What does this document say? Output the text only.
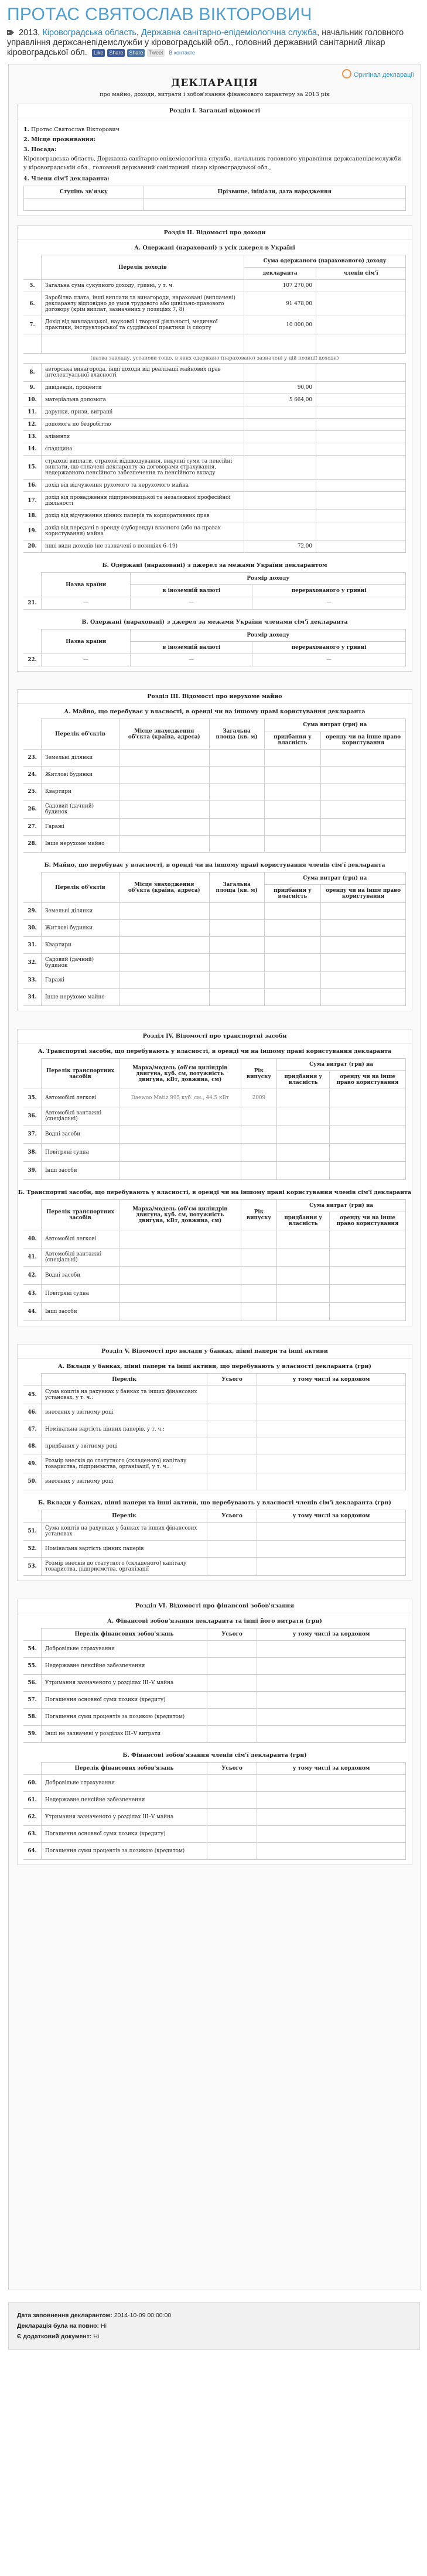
ПРОТАС СВЯТОСЛАВ ВІКТОРОВИЧ
2013, Кіровоградська область, Державна санітарно-епідеміологічна служба, начальник головного управління держсанепідемслужби у кіровоградській обл., головний державний санітарний лікар кіровоградської обл. Like Share Share Tweet В контакте
ДЕКЛАРАЦІЯ
про майно, доходи, витрати і зобов'язання фінансового характеру за 2013 рік
Оригінал декларації
Розділ І. Загальні відомості
1. Протас Святослав Вікторович
2. Місце проживання:
3. Посада:

Кіровоградська область, Державна санітарно-епідеміологічна служба, начальник головного управління держсанепідемслужби у кіровоградській обл., головний державний санітарний лікар кіровоградської обл.,

4. Члени сім'ї декларанта:
Ступінь зв'язку	Прізвище, ініціали, дата народження

Розділ ІІ. Відомості про доходи
А. Одержані (нараховані) з усіх джерел в Україні
	Перелік доходів	Сума одержаного (нарахованого) доходу	
		декларанта	членів сім'ї
5.	Загальна сума сукупного доходу, гривні, у т. ч.	107 270,00	
6.	Заробітна плата, інші виплати та винагороди, нараховані (виплачені) декларанту відповідно до умов трудового або цивільно-правового договору (крім виплат, зазначених у позиціях 7, 8)	91 478,00	
7.	Дохід від викладацької, наукової і творчої діяльності, медичної практики, інструкторської та суддівської практики із спорту	10 000,00	

(назва закладу, установи тощо, в яких одержано (нараховано) зазначені у цій позиції доходи)
8.	авторська винагорода, інші доходи від реалізації майнових прав інтелектуальної власності		
9.	дивіденди, проценти	90,00	
10.	матеріальна допомога	5 664,00	
11.	дарунки, призи, виграші		
12.	допомога по безробіттю		
13.	аліменти		
14.	спадщина		
15.	страхові виплати, страхові відшкодування, викупні суми та пенсійні виплати, що сплачені декларанту за договорами страхування, недержавного пенсійного забезпечення та пенсійного вкладу		
16.	дохід від відчуження рухомого та нерухомого майна		
17.	дохід від провадження підприємницької та незалежної професійної діяльності		
18.	дохід від відчуження цінних паперів та корпоративних прав		
19.	дохід від передачі в оренду (суборенду) власного (або на правах користування) майна		
20.	інші види доходів (не зазначені в позиціях 6–19)	72,00	
Б. Одержані (нараховані) з джерел за межами України декларантом
	Назва країни	Розмір доходу	
		в іноземній валюті	перерахованого у гривні
21.	—	—	—
В. Одержані (нараховані) з джерел за межами України членами сім'ї декларанта
	Назва країни	Розмір доходу	
		в іноземній валюті	перерахованого у гривні
22.	—	—	—
Розділ ІІІ. Відомості про нерухоме майно
А. Майно, що перебуває у власності, в оренді чи на іншому праві користування декларанта
	Перелік об'єктів	Місце знаходження об'єкта (країна, адреса)	Загальна площа (кв. м)	Сума витрат (грн) на	
				придбання у власність	оренду чи на інше право користування
23.	Земельні ділянки				
24.	Житлові будинки				
25.	Квартири				
26.	Садовий (дачний) будинок				
27.	Гаражі				
28.	Інше нерухоме майно				
Б. Майно, що перебуває у власності, в оренді чи на іншому праві користування членів сім'ї декларанта
	Перелік об'єктів	Місце знаходження об'єкта (країна, адреса)	Загальна площа (кв. м)	Сума витрат (грн) на	
				придбання у власність	оренду чи на інше право користування
29.	Земельні ділянки				
30.	Житлові будинки				
31.	Квартири				
32.	Садовий (дачний) будинок				
33.	Гаражі				
34.	Інше нерухоме майно				
Розділ IV. Відомості про транспортні засоби
А. Транспортні засоби, що перебувають у власності, в оренді чи на іншому праві користування декларанта
	Перелік транспортних засобів	Марка/модель (об'єм циліндрів двигуна, куб. см, потужність двигуна, кВт, довжина, см)	Рік випуску	Сума витрат (грн) на	
				придбання у власність	оренду чи на інше право користування
35.	Автомобілі легкові	Daewoo Matiz 995 куб. см., 44.5 кВт	2009		
36.	Автомобілі вантажні (спеціальні)				
37.	Водні засоби				
38.	Повітряні судна				
39.	Інші засоби				
Б. Транспортні засоби, що перебувають у власності, в оренді чи на іншому праві користування членів сім'ї декларанта
	Перелік транспортних засобів	Марка/модель (об'єм циліндрів двигуна, куб. см, потужність двигуна, кВт, довжина, см)	Рік випуску	Сума витрат (грн) на	
				придбання у власність	оренду чи на інше право користування
40.	Автомобілі легкові				
41.	Автомобілі вантажні (спеціальні)				
42.	Водні засоби				
43.	Повітряні судна				
44.	Інші засоби				
Розділ V. Відомості про вклади у банках, цінні папери та інші активи
А. Вклади у банках, цінні папери та інші активи, що перебувають у власності декларанта (грн)
	Перелік	Усього	у тому числі за кордоном
45.	Сума коштів на рахунках у банках та інших фінансових установах, у т. ч.:		
46.	внесених у звітному році		
47.	Номінальна вартість цінних паперів, у т. ч.:		
48.	придбаних у звітному році		
49.	Розмір внесків до статутного (складеного) капіталу товариства, підприємства, організації, у т. ч.:		
50.	внесених у звітному році		
Б. Вклади у банках, цінні папери та інші активи, що перебувають у власності членів сім'ї декларанта (грн)
	Перелік	Усього	у тому числі за кордоном
51.	Сума коштів на рахунках у банках та інших фінансових установах		
52.	Номінальна вартість цінних паперів		
53.	Розмір внесків до статутного (складеного) капіталу товариства, підприємства, організації		
Розділ VI. Відомості про фінансові зобов'язання
А. Фінансові зобов'язання декларанта та інші його витрати (грн)
	Перелік фінансових зобов'язань	Усього	у тому числі за кордоном
54.	Добровільне страхування		
55.	Недержавне пенсійне забезпечення		
56.	Утримання зазначеного у розділах ІІІ–V майна		
57.	Погашення основної суми позики (кредиту)		
58.	Погашення суми процентів за позикою (кредитом)		
59.	Інші не зазначені у розділах ІІІ–V витрати		
Б. Фінансові зобов'язання членів сім'ї декларанта (грн)
	Перелік фінансових зобов'язань	Усього	у тому числі за кордоном
60.	Добровільне страхування		
61.	Недержавне пенсійне забезпечення		
62.	Утримання зазначеного у розділах ІІІ–V майна		
63.	Погашення основної суми позики (кредиту)		
64.	Погашення суми процентів за позикою (кредитом)		
Дата заповнення декларантом: 2014-10-09 00:00:00
Декларація була на повно: Ні
Є додатковий документ: Ні
